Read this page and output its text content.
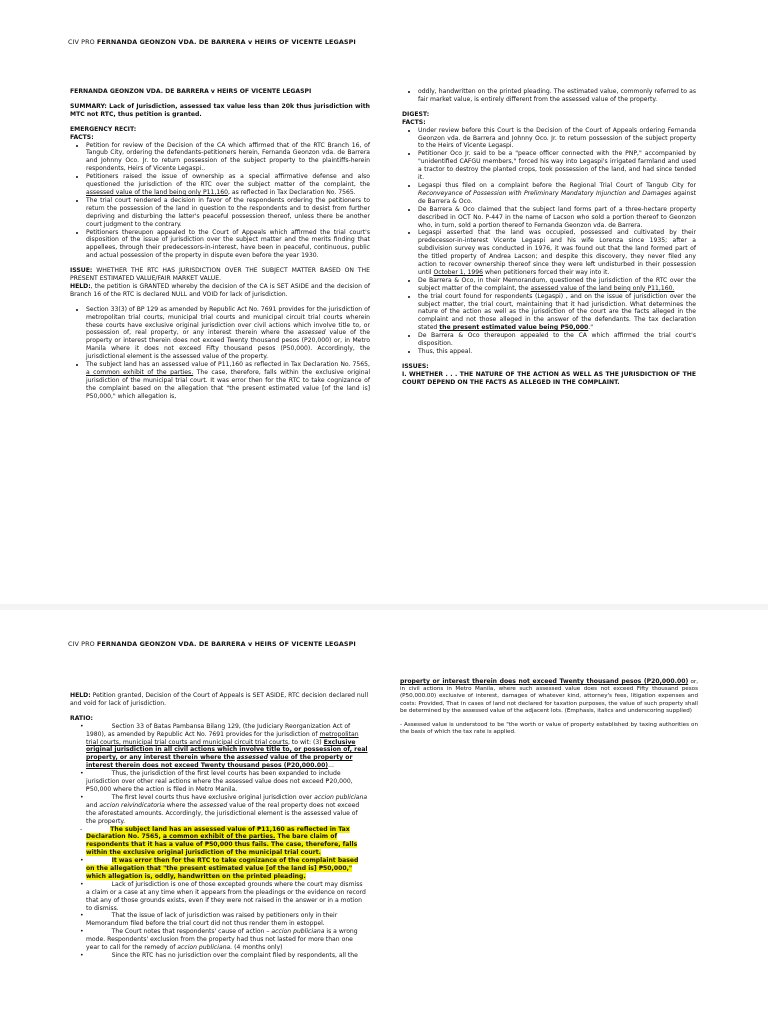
CIV PRO FERNANDA GEONZON VDA. DE BARRERA v HEIRS OF VICENTE LEGASPI

FERNANDA GEONZON VDA. DE BARRERA v HEIRS OF VICENTE LEGASPI

SUMMARY: Lack of Jurisdiction, assessed tax value less than 20k thus jurisdiction with MTC not RTC, thus petition is granted.

EMERGENCY RECIT:
FACTS:
• Petition for review of the Decision of the CA which affirmed that of the RTC Branch 16, of Tangub City, ordering the defendants-petitioners herein, Fernanda Geonzon vda. de Barrera and Johnny Oco. Jr. to return possession of the subject property to the plaintiffs-herein respondents, Heirs of Vicente Legaspi..
• Petitioners raised the issue of ownership as a special affirmative defense and also questioned the jurisdiction of the RTC over the subject matter of the complaint, the assessed value of the land being only P11,160, as reflected in Tax Declaration No. 7565.
• The trial court rendered a decision in favor of the respondents ordering the petitioners to return the possession of the land in question to the respondents and to desist from further depriving and disturbing the latter's peaceful possession thereof, unless there be another court judgment to the contrary.
• Petitioners thereupon appealed to the Court of Appeals which affirmed the trial court's disposition of the issue of jurisdiction over the subject matter and the merits finding that appellees, through their predecessors-in-interest, have been in peaceful, continuous, public and actual possession of the property in dispute even before the year 1930.

ISSUE: WHETHER THE RTC HAS JURISDICTION OVER THE SUBJECT MATTER BASED ON THE PRESENT ESTIMATED VALUE/FAIR MARKET VALUE.
HELD:, the petition is GRANTED whereby the decision of the CA is SET ASIDE and the decision of Branch 16 of the RTC is declared NULL and VOID for lack of jurisdiction.

• Section 33(3) of BP 129 as amended by Republic Act No. 7691 provides for the jurisdiction of metropolitan trial courts, municipal trial courts and municipal circuit trial courts wherein these courts have exclusive original jurisdiction over civil actions which involve title to, or possession of, real property, or any interest therein where the assessed value of the property or interest therein does not exceed Twenty thousand pesos (P20,000) or, in Metro Manila where it does not exceed Fifty thousand pesos (P50,000). Accordingly, the jurisdictional element is the assessed value of the property.
• The subject land has an assessed value of P11,160 as reflected in Tax Declaration No. 7565, a common exhibit of the parties. The case, therefore, falls within the exclusive original jurisdiction of the municipal trial court. It was error then for the RTC to take cognizance of the complaint based on the allegation that "the present estimated value [of the land is] P50,000," which allegation is,
• oddly, handwritten on the printed pleading. The estimated value, commonly referred to as fair market value, is entirely different from the assessed value of the property.
DIGEST:
FACTS:
• Under review before this Court is the Decision of the Court of Appeals ordering Fernanda Geonzon vda. de Barrera and Johnny Oco. Jr. to return possession of the subject property to the Heirs of Vicente Legaspi.
• Petitioner Oco Jr. said to be a "peace officer connected with the PNP," accompanied by "unidentified CAFGU members," forced his way into Legaspi's irrigated farmland and used a tractor to destroy the planted crops, took possession of the land, and had since tended it.
• Legaspi thus filed on a complaint before the Regional Trial Court of Tangub City for Reconveyance of Possession with Preliminary Mandatory Injunction and Damages against de Barrera & Oco.
• De Barrera & Oco claimed that the subject land forms part of a three-hectare property described in OCT No. P-447 in the name of Lacson who sold a portion thereof to Geonzon who, in turn, sold a portion thereof to Fernanda Geonzon vda. de Barrera.
• Legaspi asserted that the land was occupied, possessed and cultivated by their predecessor-in-interest Vicente Legaspi and his wife Lorenza since 1935; after a subdivision survey was conducted in 1976, it was found out that the land formed part of the titled property of Andrea Lacson; and despite this discovery, they never filed any action to recover ownership thereof since they were left undisturbed in their possession until October 1, 1996 when petitioners forced their way into it.
• De Barrera & Oco, in their Memorandum, questioned the jurisdiction of the RTC over the subject matter of the complaint, the assessed value of the land being only P11,160.
• the trial court found for respondents (Legaspi) , and on the issue of jurisdiction over the subject matter, the trial court, maintaining that it had jurisdiction. What determines the nature of the action as well as the jurisdiction of the court are the facts alleged in the complaint and not those alleged in the answer of the defendants. The tax declaration stated the present estimated value being P50,000."
• De Barrera & Oco thereupon appealed to the CA which affirmed the trial court's disposition.
• Thus, this appeal.
ISSUES:

I. WHETHER . . . THE NATURE OF THE ACTION AS WELL AS THE JURISDICTION OF THE COURT DEPEND ON THE FACTS AS ALLEGED IN THE COMPLAINT.

CIV PRO FERNANDA GEONZON VDA. DE BARRERA v HEIRS OF VICENTE LEGASPI

HELD: Petition granted, Decision of the Court of Appeals is SET ASIDE, RTC decision declared null and void for lack of jurisdiction.

RATIO:
•	Section 33 of Batas Pambansa Bilang 129, (the Judiciary Reorganization Act of 1980), as amended by Republic Act No. 7691 provides for the jurisdiction of metropolitan trial courts, municipal trial courts and municipal circuit trial courts, to wit: (3) Exclusive original jurisdiction in all civil actions which involve title to, or possession of, real property, or any interest therein where the assessed value of the property or interest therein does not exceed Twenty thousand pesos (P20,000.00)...
•	Thus, the jurisdiction of the first level courts has been expanded to include jurisdiction over other real actions where the assessed value does not exceed ₱20,000, ₱50,000 where the action is filed in Metro Manila.
•	The first level courts thus have exclusive original jurisdiction over accion publiciana and accion reivindicatoria where the assessed value of the real property does not exceed the aforestated amounts. Accordingly, the jurisdictional element is the assessed value of the property.
-	The subject land has an assessed value of ₱11,160 as reflected in Tax Declaration No. 7565, a common exhibit of the parties. The bare claim of respondents that it has a value of ₱50,000 thus fails. The case, therefore, falls within the exclusive original jurisdiction of the municipal trial court.
•	It was error then for the RTC to take cognizance of the complaint based on the allegation that "the present estimated value [of the land is] ₱50,000," which allegation is, oddly, handwritten on the printed pleading.
•	Lack of jurisdiction is one of those excepted grounds where the court may dismiss a claim or a case at any time when it appears from the pleadings or the evidence on record that any of those grounds exists, even if they were not raised in the answer or in a motion to dismiss.
•	That the issue of lack of jurisdiction was raised by petitioners only in their Memorandum filed before the trial court did not thus render them in estoppel.
•	The Court notes that respondents' cause of action – accion publiciana is a wrong mode. Respondents' exclusion from the property had thus not lasted for more than one year to call for the remedy of accion publiciana. (4 months only)
•	Since the RTC has no jurisdiction over the complaint filed by respondents, all the

property or interest therein does not exceed Twenty thousand pesos (P20,000.00) or, in civil actions in Metro Manila, where such assessed value does not exceed Fifty thousand pesos (P50,000.00) exclusive of interest, damages of whatever kind, attorney's fees, litigation expenses and costs: Provided, That in cases of land not declared for taxation purposes, the value of such property shall be determined by the assessed value of the adjacent lots. (Emphasis, italics and underscoring supplied)

- Assessed value is understood to be "the worth or value of property established by taxing authorities on the basis of which the tax rate is applied.
